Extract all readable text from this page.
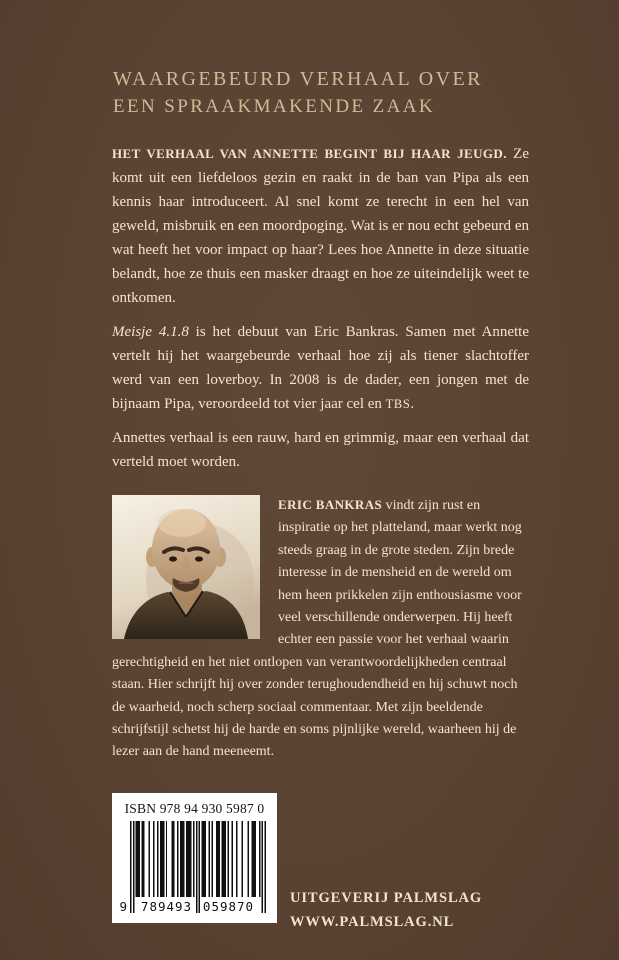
WAARGEBEURD VERHAAL OVER
EEN SPRAAKMAKENDE ZAAK

HET VERHAAL VAN ANNETTE BEGINT BIJ HAAR JEUGD. Ze komt uit een liefdeloos gezin en raakt in de ban van Pipa als een kennis haar introduceert. Al snel komt ze terecht in een hel van geweld, misbruik en een moordpoging. Wat is er nou echt gebeurd en wat heeft het voor impact op haar? Lees hoe Annette in deze situatie belandt, hoe ze thuis een masker draagt en hoe ze uiteindelijk weet te ontkomen.

Meisje 4.1.8 is het debuut van Eric Bankras. Samen met Annette vertelt hij het waargebeurde verhaal hoe zij als tiener slachtoffer werd van een loverboy. In 2008 is de dader, een jongen met de bijnaam Pipa, veroordeeld tot vier jaar cel en TBS.

Annettes verhaal is een rauw, hard en grimmig, maar een verhaal dat verteld moet worden.

ERIC BANKRAS vindt zijn rust en inspiratie op het platteland, maar werkt nog steeds graag in de grote steden. Zijn brede interesse in de mensheid en de wereld om hem heen prikkelen zijn enthousiasme voor veel verschillende onderwerpen. Hij heeft echter een passie voor het verhaal waarin gerechtigheid en het niet ontlopen van verantwoordelijkheden centraal staan. Hier schrijft hij over zonder terughoudendheid en hij schuwt noch de waarheid, noch scherp sociaal commentaar. Met zijn beeldende schrijfstijl schetst hij de harde en soms pijnlijke wereld, waarheen hij de lezer aan de hand meeneemt.

ISBN 978 94 930 5987 0
9	789493 059870
UITGEVERIJ PALMSLAG
WWW.PALMSLAG.NL
